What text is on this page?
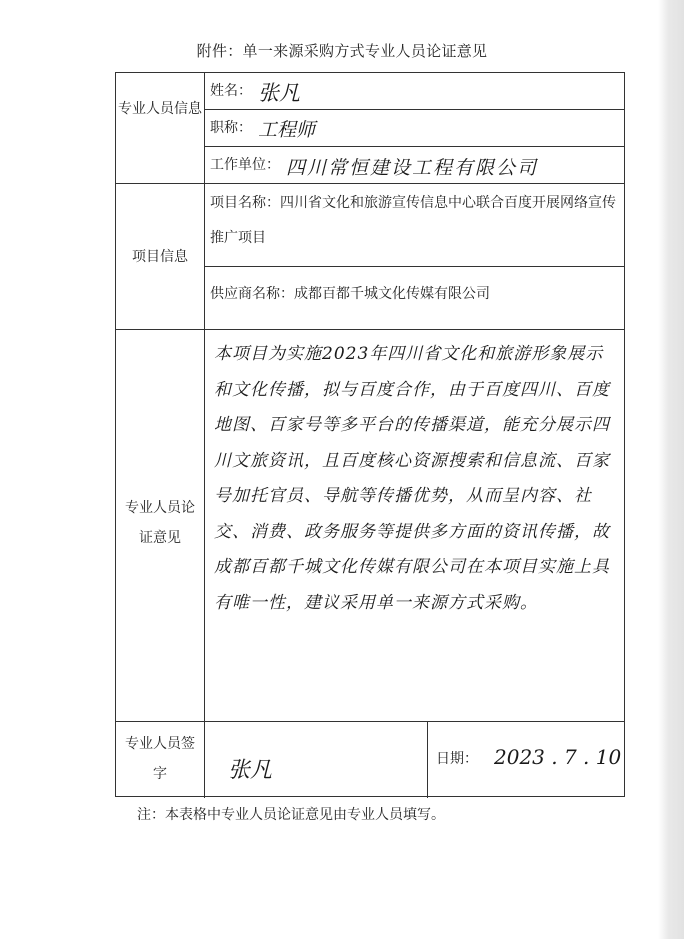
附件：单一来源采购方式专业人员论证意见
专业人员信息
姓名： 张凡
职称： 工程师
工作单位： 四川常恒建设工程有限公司
项目信息
项目名称：四川省文化和旅游宣传信息中心联合百度开展网络宣传推广项目
供应商名称：成都百都千城文化传媒有限公司
专业人员论证意见
本项目为实施2023年四川省文化和旅游形象展示和文化传播，拟与百度合作，由于百度四川、百度地图、百家号等多平台的传播渠道，能充分展示四川文旅资讯，且百度核心资源搜索和信息流、百家号加托官员、导航等传播优势，从而呈内容、社交、消费、政务服务等提供多方面的资讯传播，故成都百都千城文化传媒有限公司在本项目实施上具有唯一性，建议采用单一来源方式采购。
专业人员签字	张凡	日期： 2023 . 7 . 10
注：本表格中专业人员论证意见由专业人员填写。
